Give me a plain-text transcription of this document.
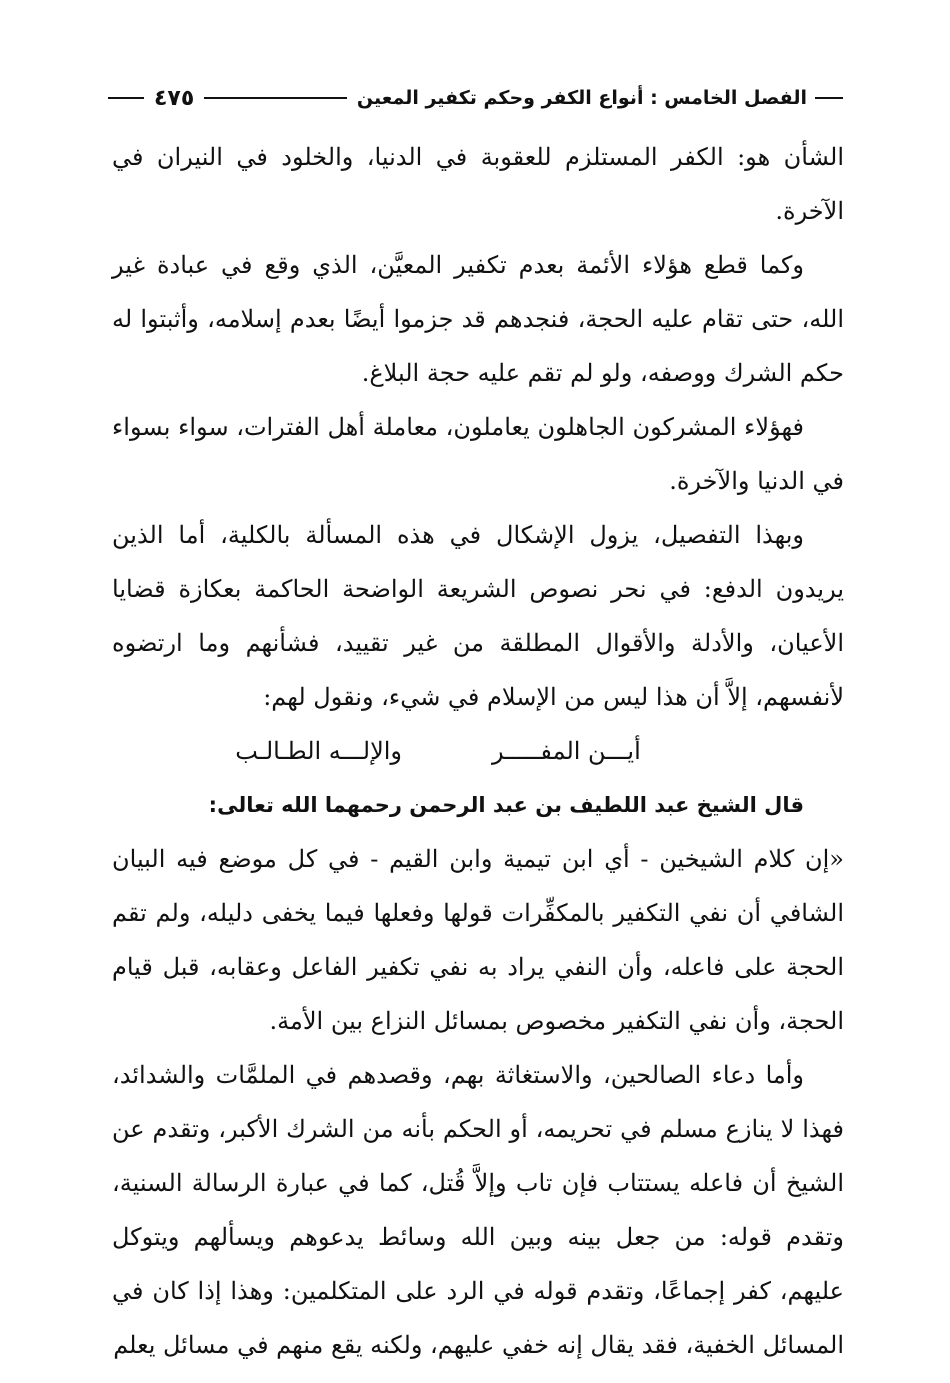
الفصل الخامس : أنواع الكفر وحكم تكفير المعين
٤٧٥

الشأن هو: الكفر المستلزم للعقوبة في الدنيا، والخلود في النيران في الآخرة.

وكما قطع هؤلاء الأئمة بعدم تكفير المعيَّن، الذي وقع في عبادة غير الله، حتى تقام عليه الحجة، فنجدهم قد جزموا أيضًا بعدم إسلامه، وأثبتوا له حكم الشرك ووصفه، ولو لم تقم عليه حجة البلاغ.

فهؤلاء المشركون الجاهلون يعاملون، معاملة أهل الفترات، سواء بسواء في الدنيا والآخرة.

وبهذا التفصيل، يزول الإشكال في هذه المسألة بالكلية، أما الذين يريدون الدفع: في نحر نصوص الشريعة الواضحة الحاكمة بعكازة قضايا الأعيان، والأدلة والأقوال المطلقة من غير تقييد، فشأنهم وما ارتضوه لأنفسهم، إلاَّ أن هذا ليس من الإسلام في شيء، ونقول لهم:

أيـــن المفـــــر
والإلـــه الطـالـب

قال الشيخ عبد اللطيف بن عبد الرحمن رحمهما الله تعالى:

«إن كلام الشيخين - أي ابن تيمية وابن القيم - في كل موضع فيه البيان الشافي أن نفي التكفير بالمكفِّرات قولها وفعلها فيما يخفى دليله، ولم تقم الحجة على فاعله، وأن النفي يراد به نفي تكفير الفاعل وعقابه، قبل قيام الحجة، وأن نفي التكفير مخصوص بمسائل النزاع بين الأمة.

وأما دعاء الصالحين، والاستغاثة بهم، وقصدهم في الملمَّات والشدائد، فهذا لا ينازع مسلم في تحريمه، أو الحكم بأنه من الشرك الأكبر، وتقدم عن الشيخ أن فاعله يستتاب فإن تاب وإلاَّ قُتل، كما في عبارة الرسالة السنية، وتقدم قوله: من جعل بينه وبين الله وسائط يدعوهم ويسألهم ويتوكل عليهم، كفر إجماعًا، وتقدم قوله في الرد على المتكلمين: وهذا إذا كان في المسائل الخفية، فقد يقال إنه خفي عليهم، ولكنه يقع منهم في مسائل يعلم
